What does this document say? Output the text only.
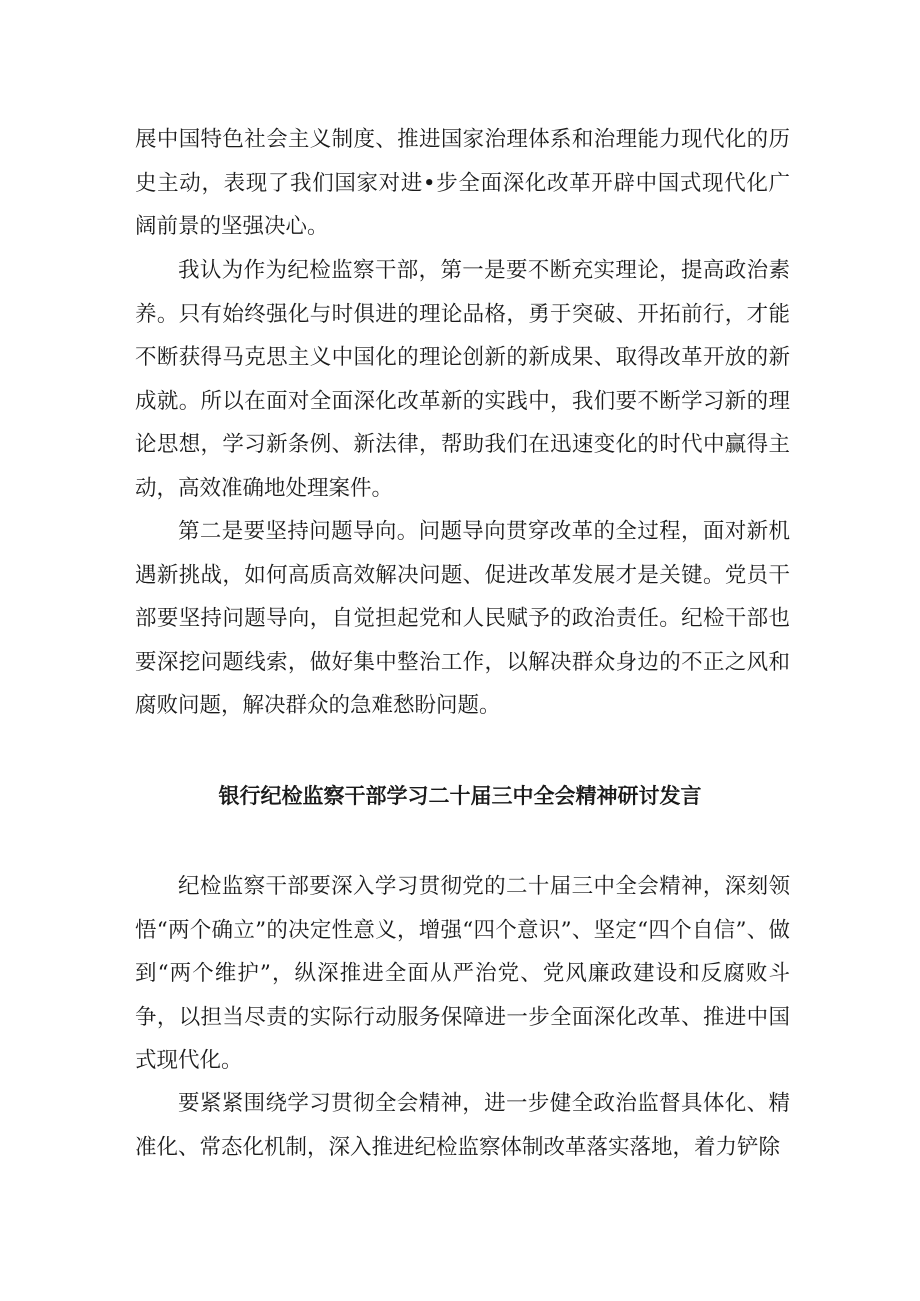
展中国特色社会主义制度、推进国家治理体系和治理能力现代化的历史主动，表现了我们国家对进•步全面深化改革开辟中国式现代化广阔前景的坚强决心。

我认为作为纪检监察干部，第一是要不断充实理论，提高政治素养。只有始终强化与时俱进的理论品格，勇于突破、开拓前行，才能不断获得马克思主义中国化的理论创新的新成果、取得改革开放的新成就。所以在面对全面深化改革新的实践中，我们要不断学习新的理论思想，学习新条例、新法律，帮助我们在迅速变化的时代中赢得主动，高效准确地处理案件。

第二是要坚持问题导向。问题导向贯穿改革的全过程，面对新机遇新挑战，如何高质高效解决问题、促进改革发展才是关键。党员干部要坚持问题导向，自觉担起党和人民赋予的政治责任。纪检干部也要深挖问题线索，做好集中整治工作，以解决群众身边的不正之风和腐败问题，解决群众的急难愁盼问题。

银行纪检监察干部学习二十届三中全会精神研讨发言

纪检监察干部要深入学习贯彻党的二十届三中全会精神，深刻领悟“两个确立”的决定性意义，增强“四个意识”、坚定“四个自信”、做到“两个维护”，纵深推进全面从严治党、党风廉政建设和反腐败斗争，以担当尽责的实际行动服务保障进一步全面深化改革、推进中国式现代化。

要紧紧围绕学习贯彻全会精神，进一步健全政治监督具体化、精准化、常态化机制，深入推进纪检监察体制改革落实落地，着力铲除
